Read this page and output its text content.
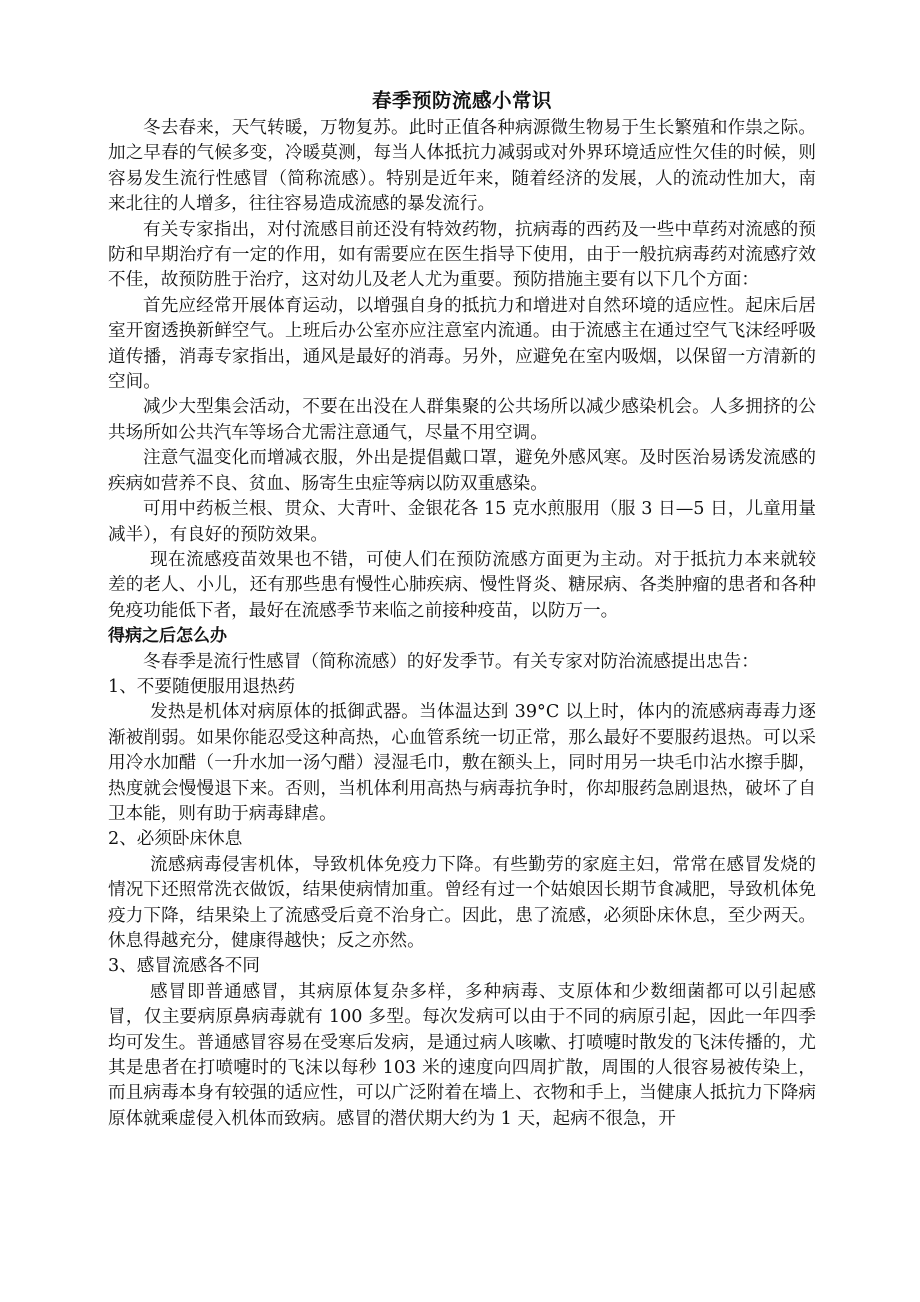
春季预防流感小常识

冬去春来，天气转暖，万物复苏。此时正值各种病源微生物易于生长繁殖和作祟之际。加之早春的气候多变，冷暖莫测，每当人体抵抗力减弱或对外界环境适应性欠佳的时候，则容易发生流行性感冒（简称流感）。特别是近年来，随着经济的发展，人的流动性加大，南来北往的人增多，往往容易造成流感的暴发流行。

有关专家指出，对付流感目前还没有特效药物，抗病毒的西药及一些中草药对流感的预防和早期治疗有一定的作用，如有需要应在医生指导下使用，由于一般抗病毒药对流感疗效不佳，故预防胜于治疗，这对幼儿及老人尤为重要。预防措施主要有以下几个方面：

首先应经常开展体育运动，以增强自身的抵抗力和增进对自然环境的适应性。起床后居室开窗透换新鲜空气。上班后办公室亦应注意室内流通。由于流感主在通过空气飞沫经呼吸道传播，消毒专家指出，通风是最好的消毒。另外，应避免在室内吸烟，以保留一方清新的空间。

减少大型集会活动，不要在出没在人群集聚的公共场所以减少感染机会。人多拥挤的公共场所如公共汽车等场合尤需注意通气，尽量不用空调。

注意气温变化而增减衣服，外出是提倡戴口罩，避免外感风寒。及时医治易诱发流感的疾病如营养不良、贫血、肠寄生虫症等病以防双重感染。

可用中药板兰根、贯众、大青叶、金银花各 15 克水煎服用（服 3 日—5 日，儿童用量减半），有良好的预防效果。

现在流感疫苗效果也不错，可使人们在预防流感方面更为主动。对于抵抗力本来就较差的老人、小儿，还有那些患有慢性心肺疾病、慢性肾炎、糖尿病、各类肿瘤的患者和各种免疫功能低下者，最好在流感季节来临之前接种疫苗，以防万一。

得病之后怎么办

冬春季是流行性感冒（简称流感）的好发季节。有关专家对防治流感提出忠告：

1、不要随便服用退热药

发热是机体对病原体的抵御武器。当体温达到 39°C 以上时，体内的流感病毒毒力逐渐被削弱。如果你能忍受这种高热，心血管系统一切正常，那么最好不要服药退热。可以采用冷水加醋（一升水加一汤勺醋）浸湿毛巾，敷在额头上，同时用另一块毛巾沾水擦手脚，热度就会慢慢退下来。否则，当机体利用高热与病毒抗争时，你却服药急剧退热，破坏了自卫本能，则有助于病毒肆虐。

2、必须卧床休息

流感病毒侵害机体，导致机体免疫力下降。有些勤劳的家庭主妇，常常在感冒发烧的情况下还照常洗衣做饭，结果使病情加重。曾经有过一个姑娘因长期节食减肥，导致机体免疫力下降，结果染上了流感受后竟不治身亡。因此，患了流感，必须卧床休息，至少两天。休息得越充分，健康得越快；反之亦然。

3、感冒流感各不同

感冒即普通感冒，其病原体复杂多样，多种病毒、支原体和少数细菌都可以引起感冒，仅主要病原鼻病毒就有 100 多型。每次发病可以由于不同的病原引起，因此一年四季均可发生。普通感冒容易在受寒后发病，是通过病人咳嗽、打喷嚏时散发的飞沫传播的，尤其是患者在打喷嚏时的飞沫以每秒 103 米的速度向四周扩散，周围的人很容易被传染上，而且病毒本身有较强的适应性，可以广泛附着在墙上、衣物和手上，当健康人抵抗力下降病原体就乘虚侵入机体而致病。感冒的潜伏期大约为 1 天，起病不很急，开
